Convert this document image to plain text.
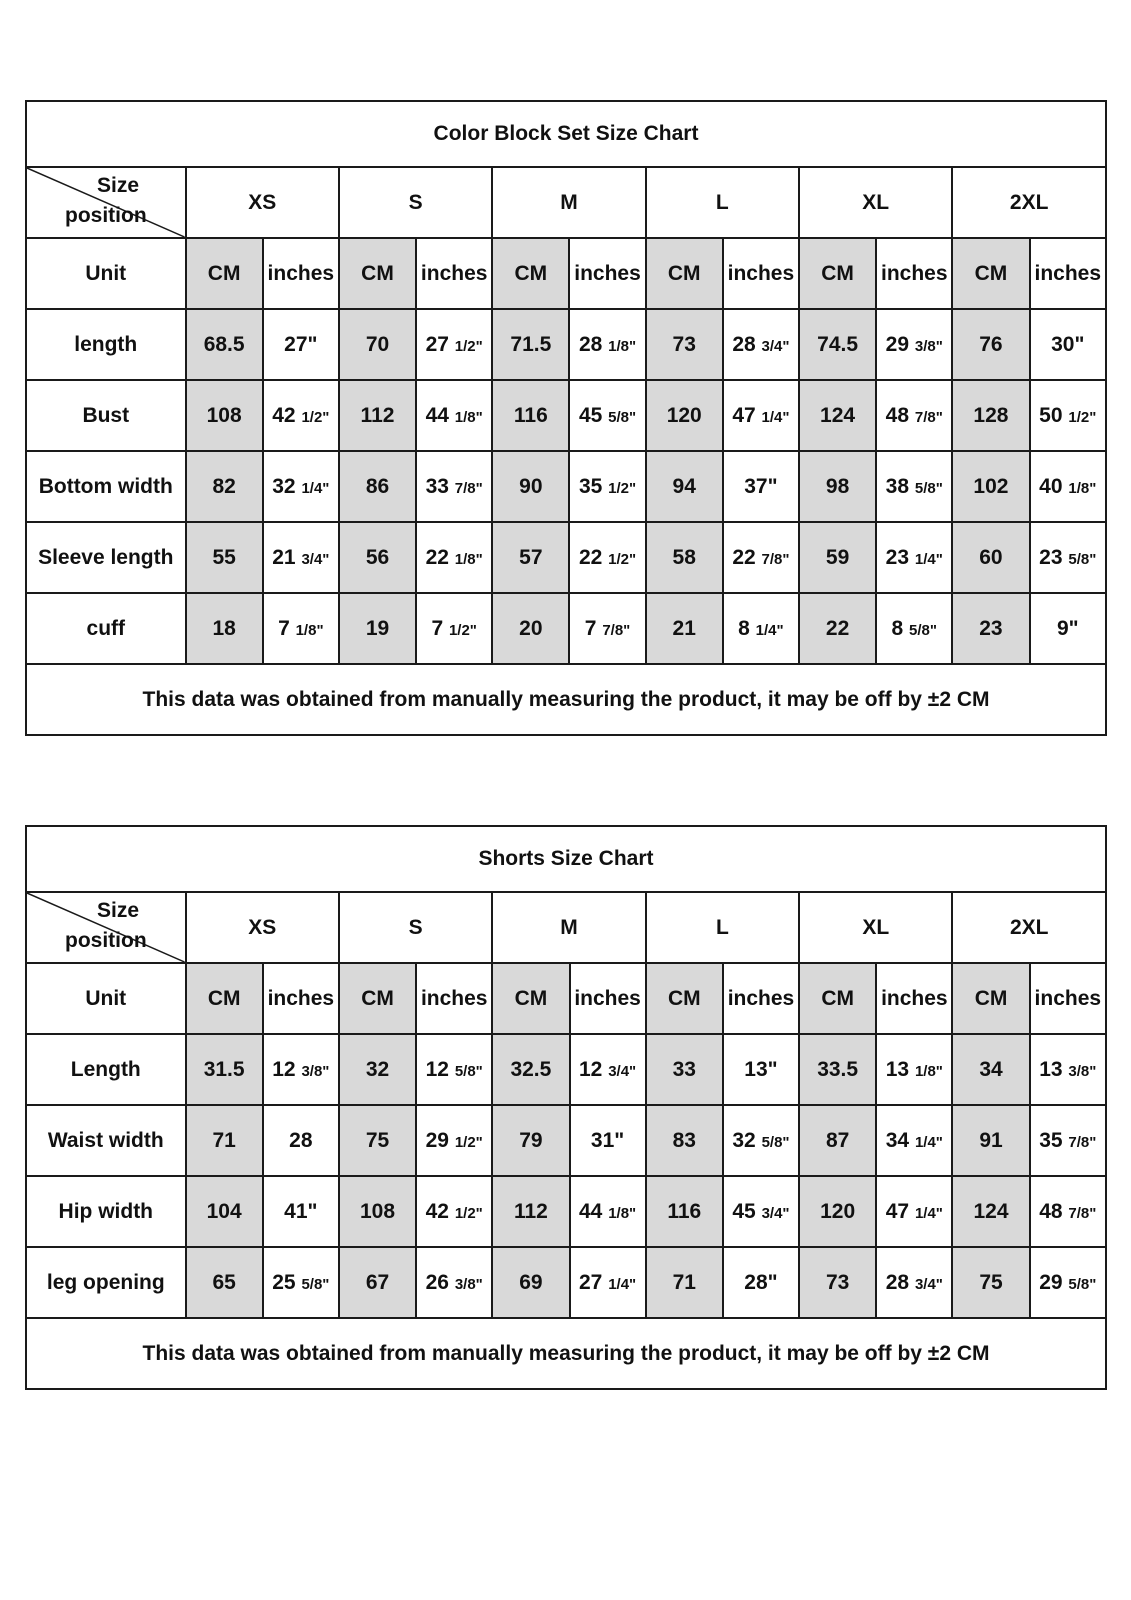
Color Block Set Size Chart												

Size
position	XS		S		M		L		XL		2XL	
Unit	CM	inches	CM	inches	CM	inches	CM	inches	CM	inches	CM	inches
length	68.5	27"	70	27 1/2"	71.5	28 1/8"	73	28 3/4"	74.5	29 3/8"	76	30"
Bust	108	42 1/2"	112	44 1/8"	116	45 5/8"	120	47 1/4"	124	48 7/8"	128	50 1/2"
Bottom width	82	32 1/4"	86	33 7/8"	90	35 1/2"	94	37"	98	38 5/8"	102	40 1/8"
Sleeve length	55	21 3/4"	56	22 1/8"	57	22 1/2"	58	22 7/8"	59	23 1/4"	60	23 5/8"
cuff	18	7 1/8"	19	7 1/2"	20	7 7/8"	21	8 1/4"	22	8 5/8"	23	9"
This data was obtained from manually measuring the product, it may be off by ±2 CM												
Shorts Size Chart												

Size
position	XS		S		M		L		XL		2XL	
Unit	CM	inches	CM	inches	CM	inches	CM	inches	CM	inches	CM	inches
Length	31.5	12 3/8"	32	12 5/8"	32.5	12 3/4"	33	13"	33.5	13 1/8"	34	13 3/8"
Waist width	71	28	75	29 1/2"	79	31"	83	32 5/8"	87	34 1/4"	91	35 7/8"
Hip width	104	41"	108	42 1/2"	112	44 1/8"	116	45 3/4"	120	47 1/4"	124	48 7/8"
leg opening	65	25 5/8"	67	26 3/8"	69	27 1/4"	71	28"	73	28 3/4"	75	29 5/8"
This data was obtained from manually measuring the product, it may be off by ±2 CM												
